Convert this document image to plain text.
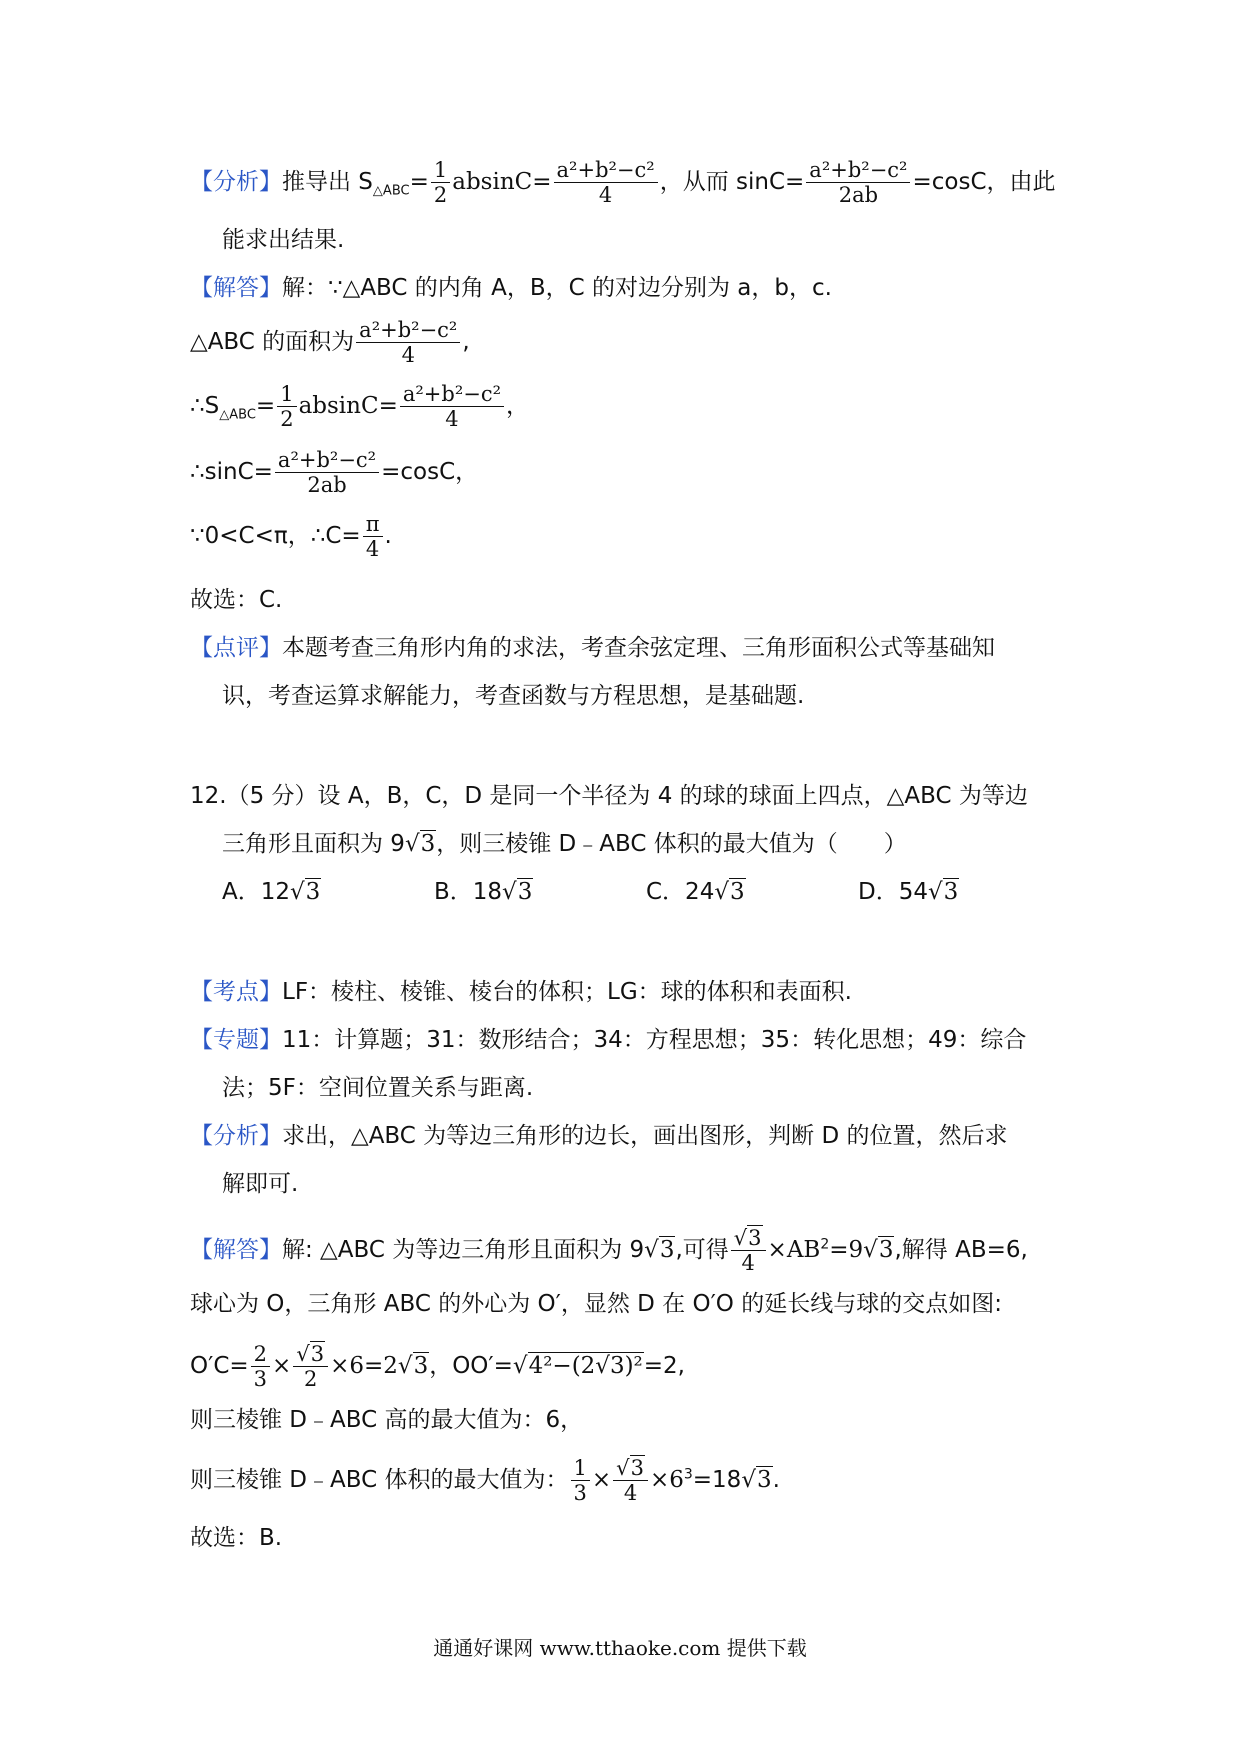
【分析】推导出 $S_{\triangle ABC}= \frac{1}{2} absinC= \frac{\text{a²+b²−c²}}{4}$ ，从而 $\sin C= \frac{\text{a²+b²−c²}}{2ab} =\cos C$，由此
能求出结果.
【解答】解：∵△ABC 的内角 A，B，C 的对边分别为 a，b，c.
△ABC 的面积为 $\frac{\text{a²+b²−c²}}{4}$ ,
$\therefore S_{\triangle ABC}= \frac{1}{2} absinC= \frac{\text{a²+b²−c²}}{4}$ ，
∴sinC= $\frac{\text{a²+b²−c²}}{2ab} =\cos C$，
∵0<C<π，∴C= $\frac{\pi}{4}$ .
故选：C.
【点评】本题考查三角形内角的求法，考查余弦定理、三角形面积公式等基础知
识，考查运算求解能力，考查函数与方程思想，是基础题.
12.（5 分）设 A，B，C，D 是同一个半径为 4 的球的球面上四点，△ABC 为等边
三角形且面积为 9√3，则三棱锥 D﹣ABC 体积的最大值为（　　）
A．12√3	B．18√3	C．24√3	D．54√3
【考点】LF：棱柱、棱锥、棱台的体积；LG：球的体积和表面积.
【专题】11：计算题；31：数形结合；34：方程思想；35：转化思想；49：综合
法；5F：空间位置关系与距离.
【分析】求出，△ABC 为等边三角形的边长，画出图形，判断 D 的位置，然后求
解即可.
【解答】解: △ABC 为等边三角形且面积为 9√3,可得 $\frac{√3}{4} \times AB^2=9√3$,解得 AB=6,
球心为 O，三角形 ABC 的外心为 O′，显然 D 在 O′O 的延长线与球的交点如图:
$O'C= \frac{2}{3} \times \frac{√3}{2} \times 6=2√3$，OO′=√4²−(2√3)²=2,
则三棱锥 D﹣ABC 高的最大值为：6，
则三棱锥 D﹣ABC 体积的最大值为： $\frac{1}{3} \times \frac{√3}{4} \times 6^3=18√3$.
故选：B.
通通好课网 www.tthaoke.com 提供下载
